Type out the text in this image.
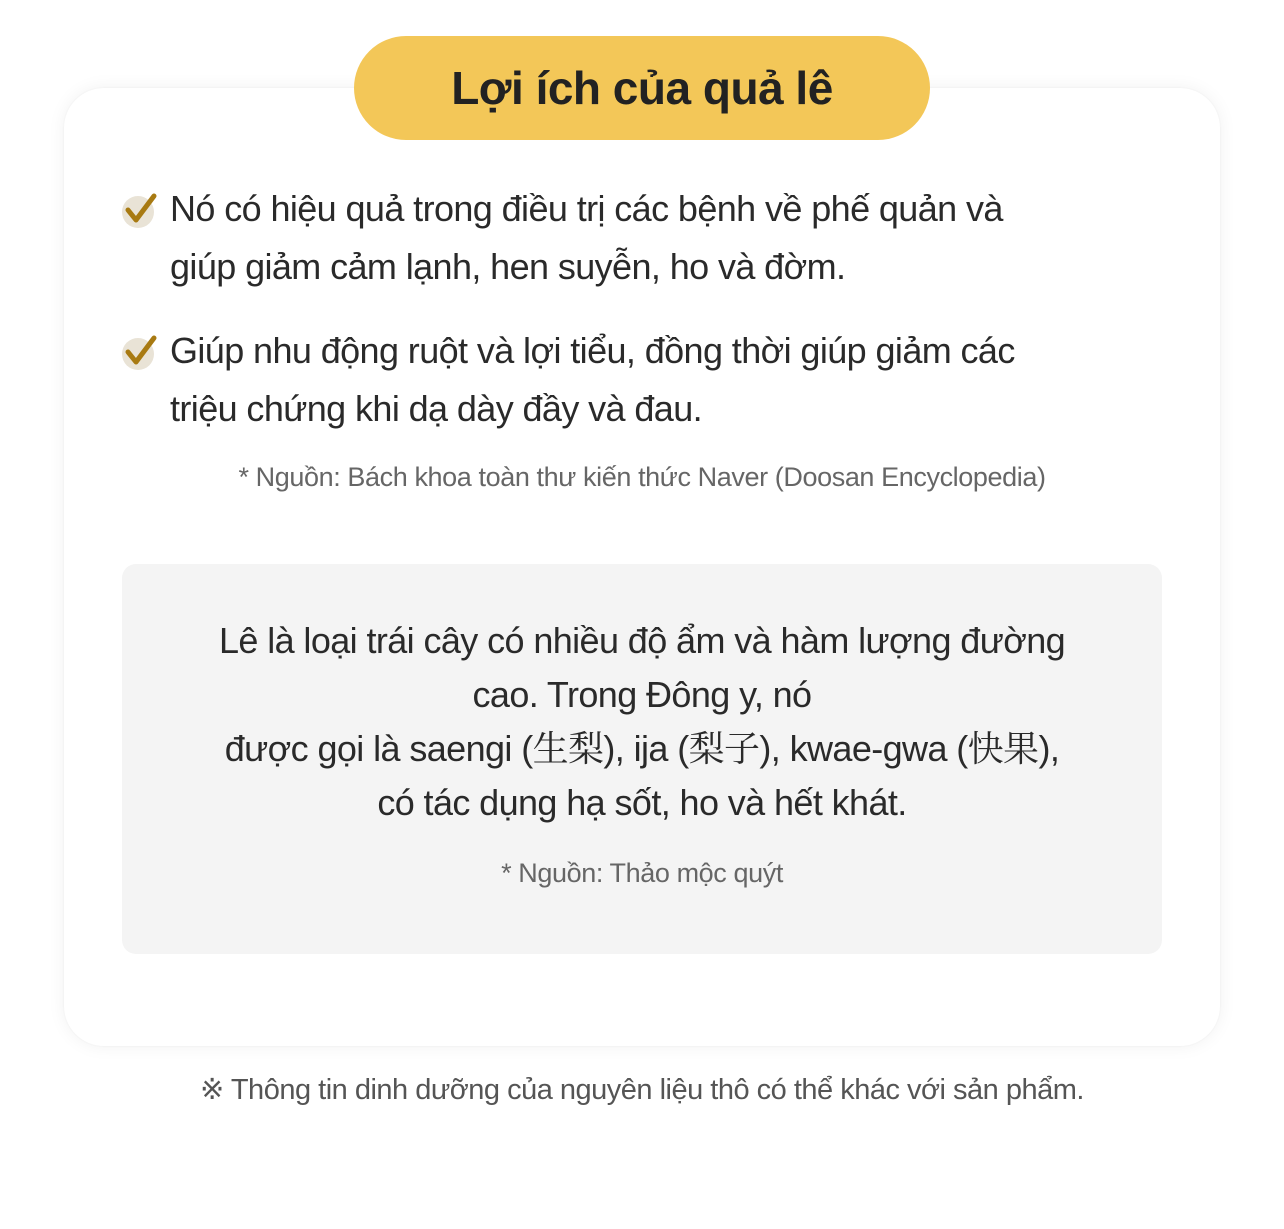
Lợi ích của quả lê
Nó có hiệu quả trong điều trị các bệnh về phế quản và
giúp giảm cảm lạnh, hen suyễn, ho và đờm.
Giúp nhu động ruột và lợi tiểu, đồng thời giúp giảm các
triệu chứng khi dạ dày đầy và đau.
* Nguồn: Bách khoa toàn thư kiến thức Naver (Doosan Encyclopedia)
Lê là loại trái cây có nhiều độ ẩm và hàm lượng đường
cao. Trong Đông y, nó
được gọi là saengi (生梨), ija (梨子), kwae-gwa (快果),
có tác dụng hạ sốt, ho và hết khát.
* Nguồn: Thảo mộc quýt
※ Thông tin dinh dưỡng của nguyên liệu thô có thể khác với sản phẩm.
